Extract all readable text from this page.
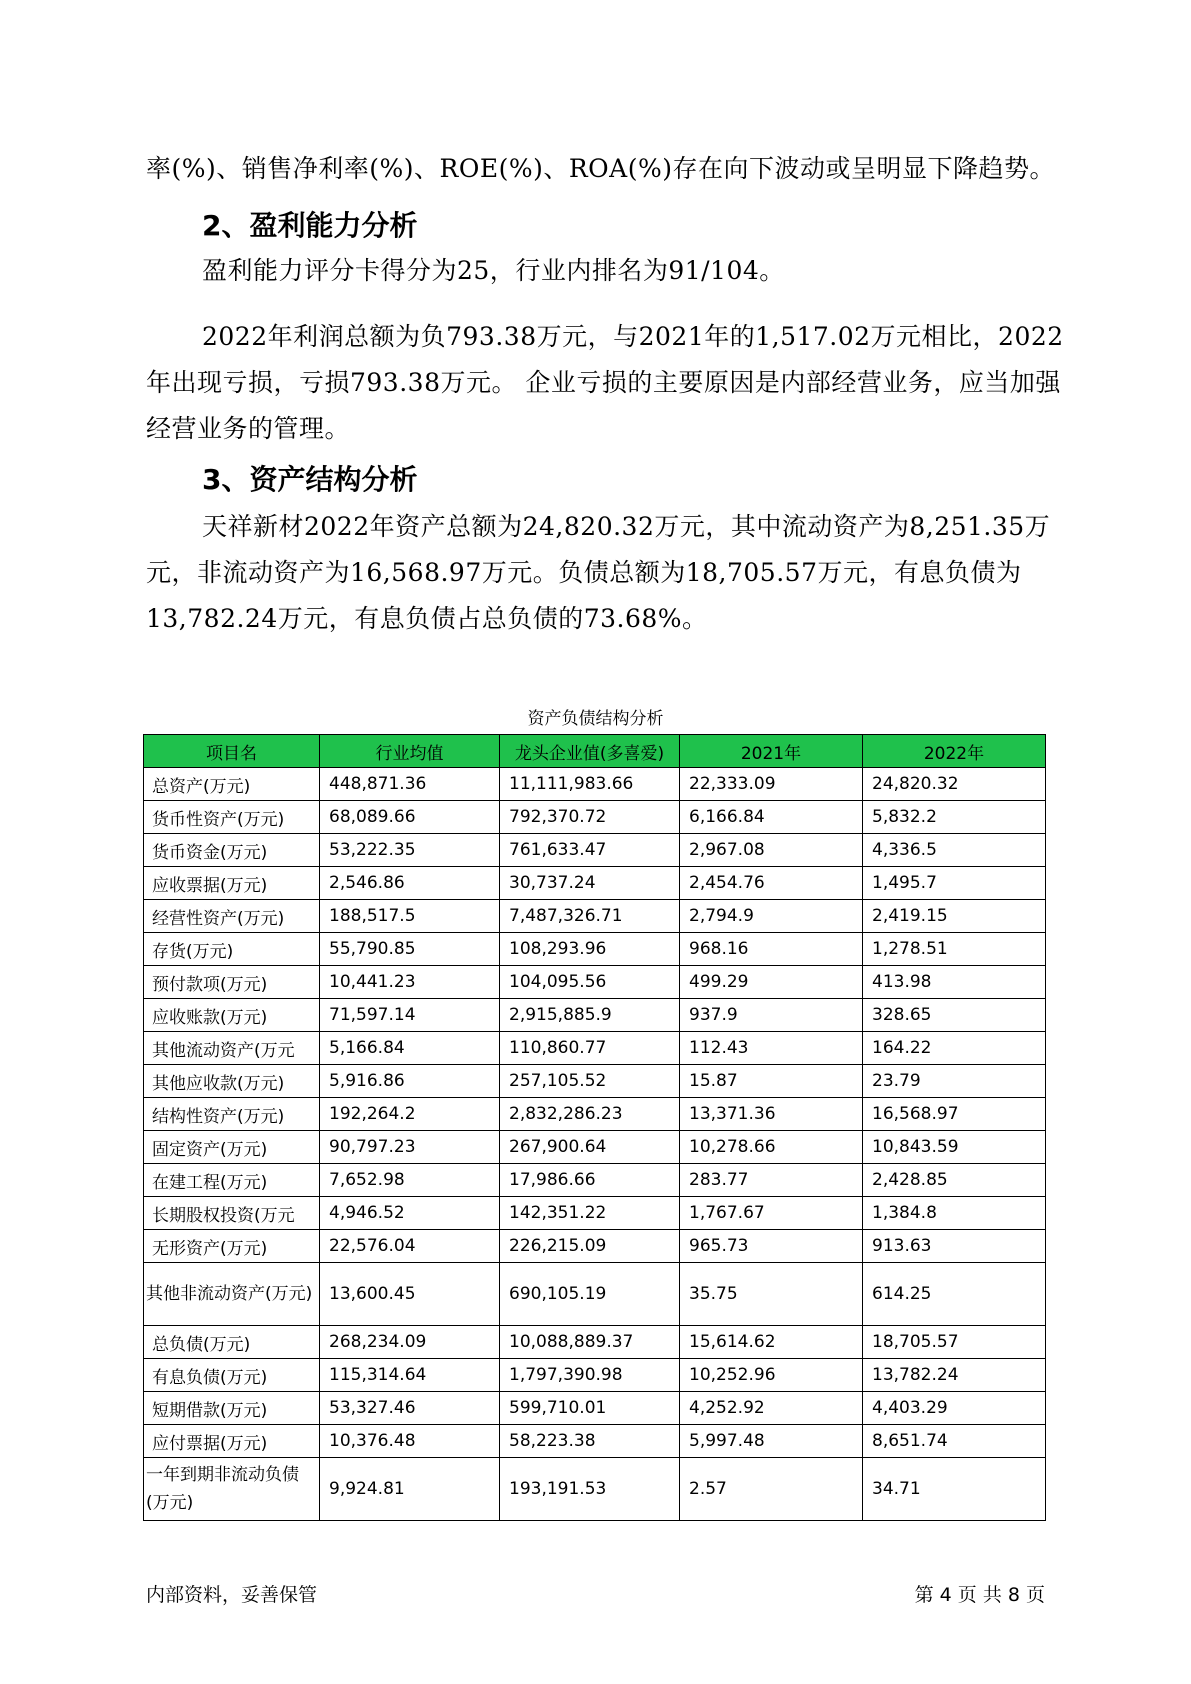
率(%)、销售净利率(%)、ROE(%)、ROA(%)存在向下波动或呈明显下降趋势。

2、盈利能力分析

盈利能力评分卡得分为25，行业内排名为91/104。

2022年利润总额为负793.38万元，与2021年的1,517.02万元相比，2022年出现亏损，亏损793.38万元。 企业亏损的主要原因是内部经营业务，应当加强经营业务的管理。

3、资产结构分析

天祥新材2022年资产总额为24,820.32万元，其中流动资产为8,251.35万元，非流动资产为16,568.97万元。负债总额为18,705.57万元，有息负债为13,782.24万元，有息负债占总负债的73.68%。

资产负债结构分析
项目名	行业均值	龙头企业值(多喜爱)	2021年	2022年
总资产(万元)	448,871.36	11,111,983.66	22,333.09	24,820.32
货币性资产(万元)	68,089.66	792,370.72	6,166.84	5,832.2
货币资金(万元)	53,222.35	761,633.47	2,967.08	4,336.5
应收票据(万元)	2,546.86	30,737.24	2,454.76	1,495.7
经营性资产(万元)	188,517.5	7,487,326.71	2,794.9	2,419.15
存货(万元)	55,790.85	108,293.96	968.16	1,278.51
预付款项(万元)	10,441.23	104,095.56	499.29	413.98
应收账款(万元)	71,597.14	2,915,885.9	937.9	328.65
其他流动资产(万元	5,166.84	110,860.77	112.43	164.22
其他应收款(万元)	5,916.86	257,105.52	15.87	23.79
结构性资产(万元)	192,264.2	2,832,286.23	13,371.36	16,568.97
固定资产(万元)	90,797.23	267,900.64	10,278.66	10,843.59
在建工程(万元)	7,652.98	17,986.66	283.77	2,428.85
长期股权投资(万元	4,946.52	142,351.22	1,767.67	1,384.8
无形资产(万元)	22,576.04	226,215.09	965.73	913.63
其他非流动资产(万元)	13,600.45	690,105.19	35.75	614.25
总负债(万元)	268,234.09	10,088,889.37	15,614.62	18,705.57
有息负债(万元)	115,314.64	1,797,390.98	10,252.96	13,782.24
短期借款(万元)	53,327.46	599,710.01	4,252.92	4,403.29
应付票据(万元)	10,376.48	58,223.38	5,997.48	8,651.74
一年到期非流动负债(万元)	9,924.81	193,191.53	2.57	34.71
内部资料，妥善保管	第 4 页 共 8 页
